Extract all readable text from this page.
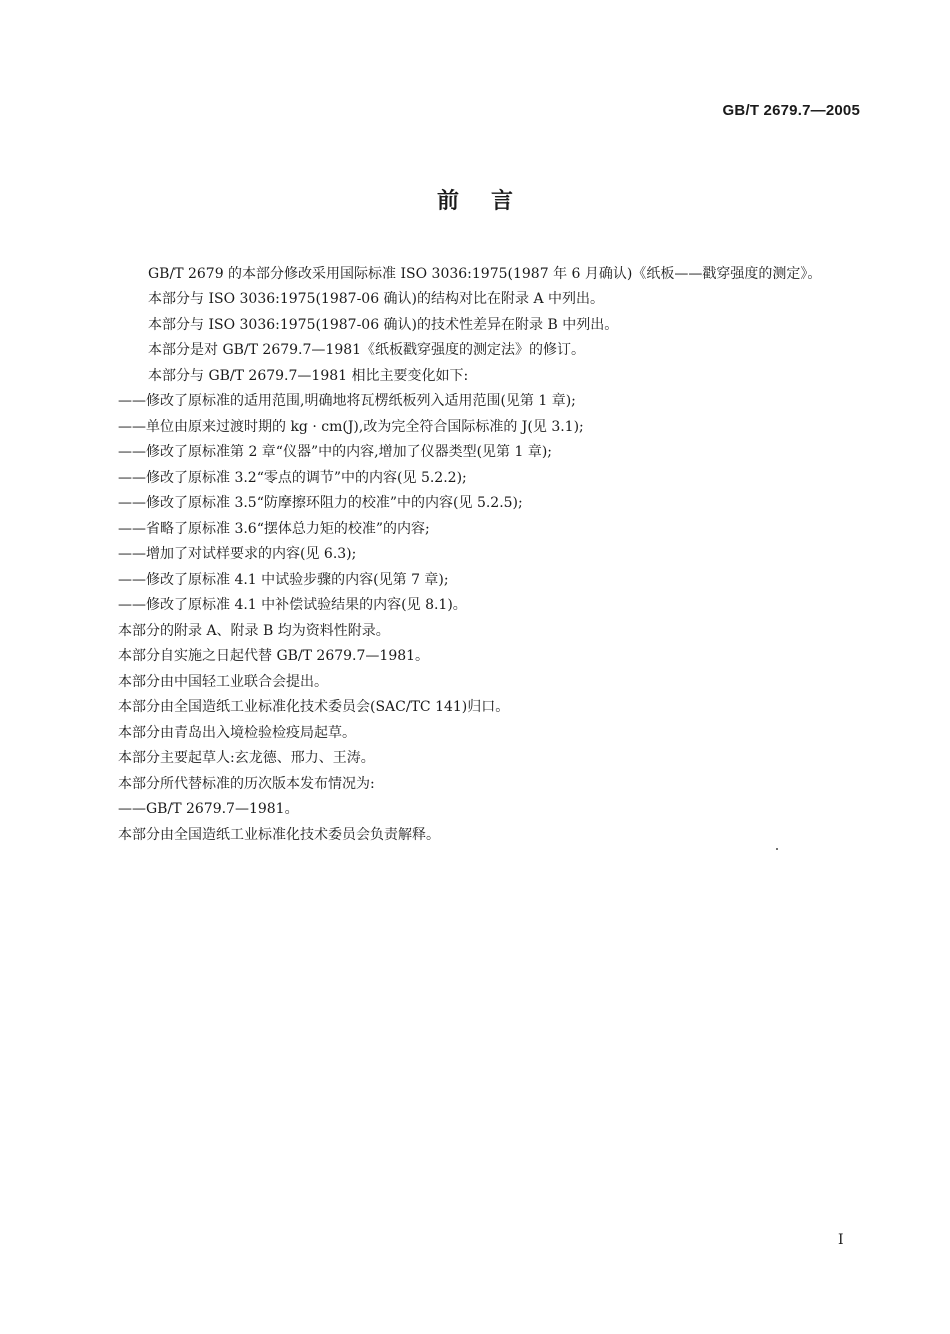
GB/T 2679.7—2005
前言

GB/T 2679 的本部分修改采用国际标准 ISO 3036:1975(1987 年 6 月确认)《纸板——戳穿强度的测定》。

本部分与 ISO 3036:1975(1987-06 确认)的结构对比在附录 A 中列出。

本部分与 ISO 3036:1975(1987-06 确认)的技术性差异在附录 B 中列出。

本部分是对 GB/T 2679.7—1981《纸板戳穿强度的测定法》的修订。

本部分与 GB/T 2679.7—1981 相比主要变化如下:

——修改了原标准的适用范围,明确地将瓦楞纸板列入适用范围(见第 1 章);

——单位由原来过渡时期的 kg · cm(J),改为完全符合国际标准的 J(见 3.1);

——修改了原标准第 2 章“仪器”中的内容,增加了仪器类型(见第 1 章);

——修改了原标准 3.2“零点的调节”中的内容(见 5.2.2);

——修改了原标准 3.5“防摩擦环阻力的校准”中的内容(见 5.2.5);

——省略了原标准 3.6“摆体总力矩的校准”的内容;

——增加了对试样要求的内容(见 6.3);

——修改了原标准 4.1 中试验步骤的内容(见第 7 章);

——修改了原标准 4.1 中补偿试验结果的内容(见 8.1)。

本部分的附录 A、附录 B 均为资料性附录。

本部分自实施之日起代替 GB/T 2679.7—1981。

本部分由中国轻工业联合会提出。

本部分由全国造纸工业标准化技术委员会(SAC/TC 141)归口。

本部分由青岛出入境检验检疫局起草。

本部分主要起草人:玄龙德、邢力、王涛。

本部分所代替标准的历次版本发布情况为:

——GB/T 2679.7—1981。

本部分由全国造纸工业标准化技术委员会负责解释。

I
